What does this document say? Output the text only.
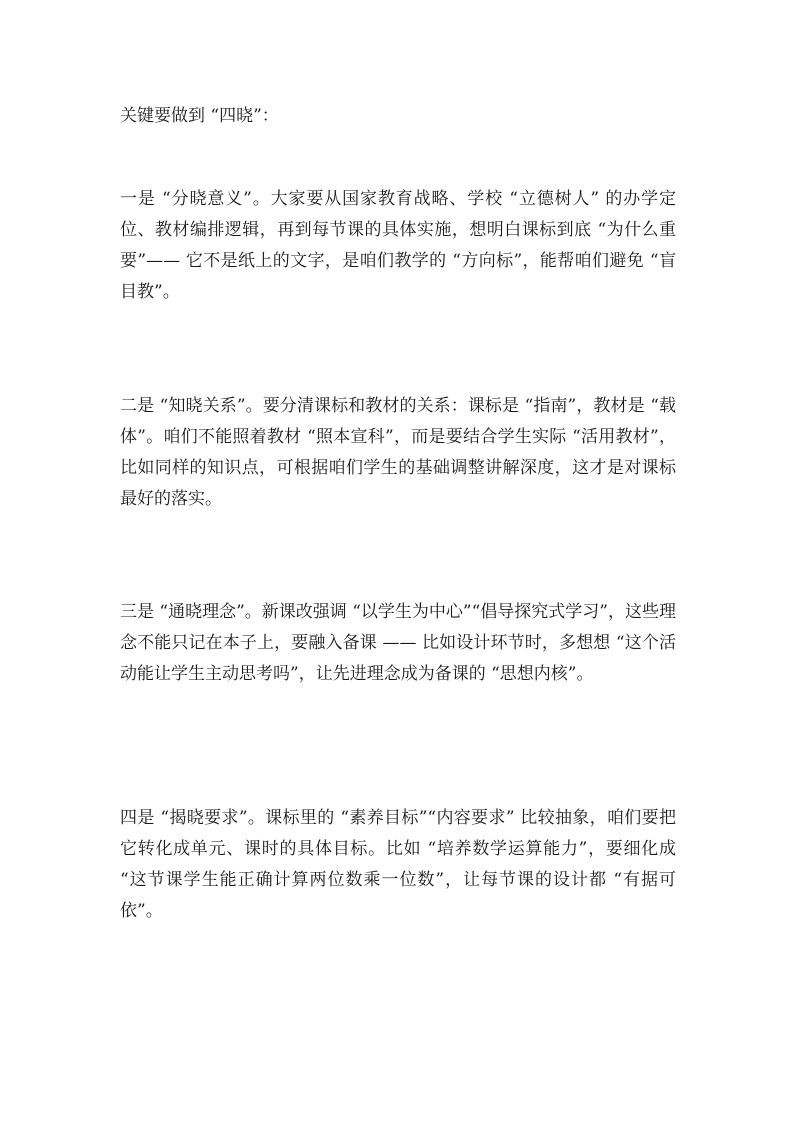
关键要做到 “四晓”：

一是 “分晓意义”。大家要从国家教育战略、学校 “立德树人” 的办学定位、教材编排逻辑，再到每节课的具体实施，想明白课标到底 “为什么重要”—— 它不是纸上的文字，是咱们教学的 “方向标”，能帮咱们避免 “盲目教”。

二是 “知晓关系”。要分清课标和教材的关系：课标是 “指南”，教材是 “载体”。咱们不能照着教材 “照本宣科”，而是要结合学生实际 “活用教材”，比如同样的知识点，可根据咱们学生的基础调整讲解深度，这才是对课标最好的落实。

三是 “通晓理念”。新课改强调 “以学生为中心”“倡导探究式学习”，这些理念不能只记在本子上，要融入备课 —— 比如设计环节时，多想想 “这个活动能让学生主动思考吗”，让先进理念成为备课的 “思想内核”。

四是 “揭晓要求”。课标里的 “素养目标”“内容要求” 比较抽象，咱们要把它转化成单元、课时的具体目标。比如 “培养数学运算能力”，要细化成 “这节课学生能正确计算两位数乘一位数”，让每节课的设计都 “有据可依”。
